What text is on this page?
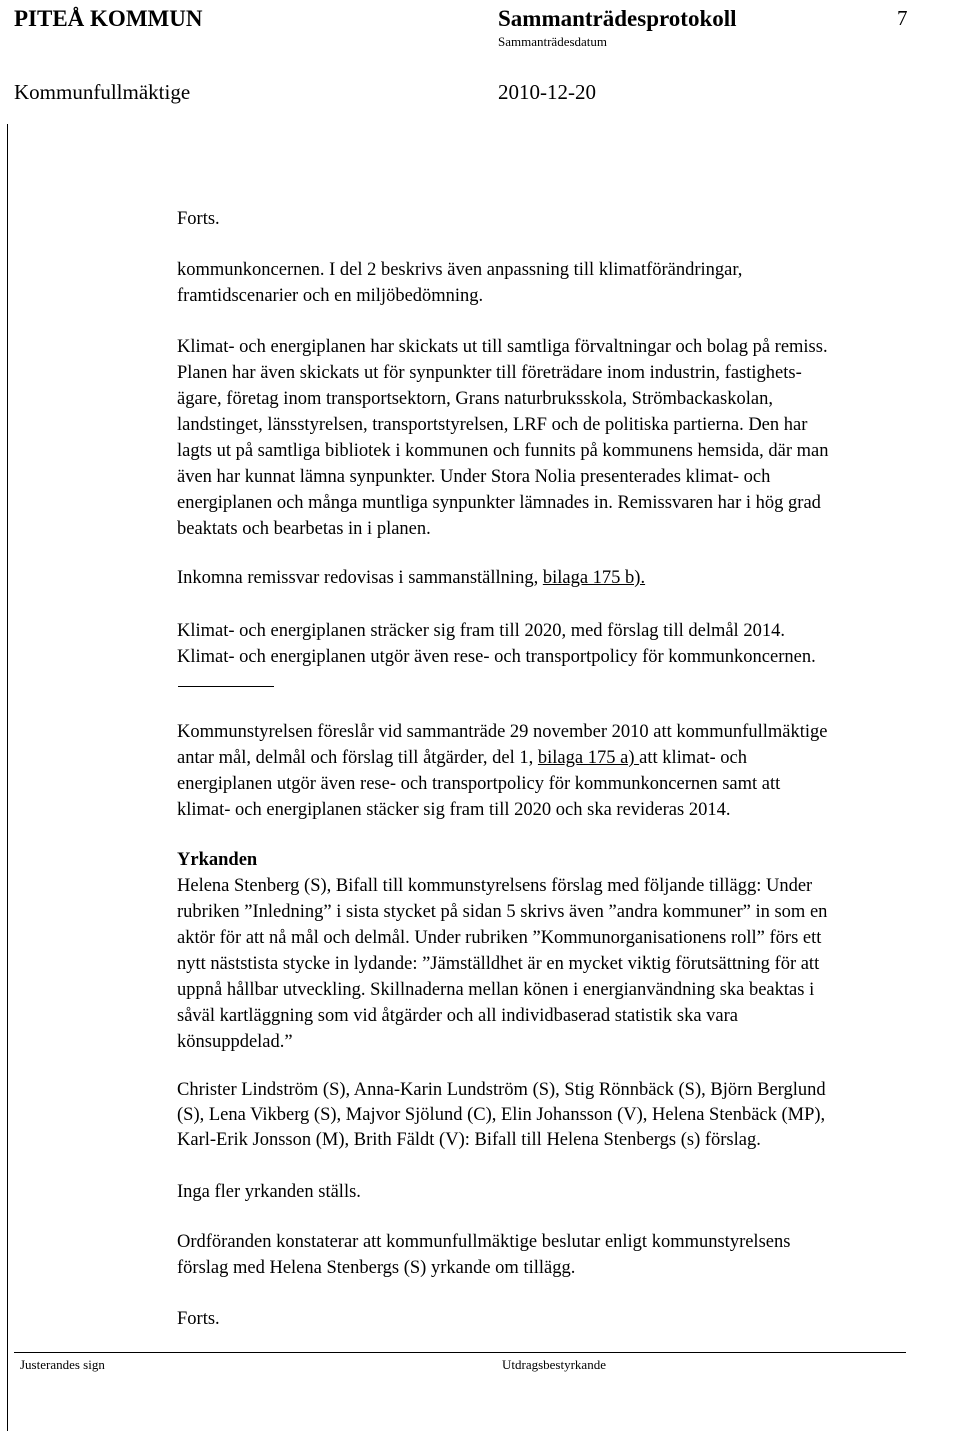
PITEÅ KOMMUN	Sammanträdesprotokoll	7
Sammanträdesdatum
Kommunfullmäktige	2010-12-20
Forts.
kommunkoncernen. I del 2 beskrivs även anpassning till klimatförändringar,
framtidscenarier och en miljöbedömning.
Klimat- och energiplanen har skickats ut till samtliga förvaltningar och bolag på remiss.
Planen har även skickats ut för synpunkter till företrädare inom industrin, fastighets-
ägare, företag inom transportsektorn, Grans naturbruksskola, Strömbackaskolan,
landstinget, länsstyrelsen, transportstyrelsen, LRF och de politiska partierna. Den har
lagts ut på samtliga bibliotek i kommunen och funnits på kommunens hemsida, där man
även har kunnat lämna synpunkter. Under Stora Nolia presenterades klimat- och
energiplanen och många muntliga synpunkter lämnades in. Remissvaren har i hög grad
beaktats och bearbetas in i planen.
Inkomna remissvar redovisas i sammanställning, bilaga 175 b).
Klimat- och energiplanen sträcker sig fram till 2020, med förslag till delmål 2014.
Klimat- och energiplanen utgör även rese- och transportpolicy för kommunkoncernen.
Kommunstyrelsen föreslår vid sammanträde 29 november 2010 att kommunfullmäktige
antar mål, delmål och förslag till åtgärder, del 1, bilaga 175 a) att klimat- och
energiplanen utgör även rese- och transportpolicy för kommunkoncernen samt att
klimat- och energiplanen stäcker sig fram till 2020 och ska revideras 2014.
Yrkanden
Helena Stenberg (S), Bifall till kommunstyrelsens förslag med följande tillägg: Under
rubriken ”Inledning” i sista stycket på sidan 5 skrivs även ”andra kommuner” in som en
aktör för att nå mål och delmål. Under rubriken ”Kommunorganisationens roll” förs ett
nytt näststista stycke in lydande: ”Jämställdhet är en mycket viktig förutsättning för att
uppnå hållbar utveckling. Skillnaderna mellan könen i energianvändning ska beaktas i
såväl kartläggning som vid åtgärder och all individbaserad statistik ska vara
könsuppdelad.”
Christer Lindström (S), Anna-Karin Lundström (S), Stig Rönnbäck (S), Björn Berglund
(S), Lena Vikberg (S), Majvor Sjölund (C), Elin Johansson (V), Helena Stenbäck (MP),
Karl-Erik Jonsson (M), Brith Fäldt (V): Bifall till Helena Stenbergs (s) förslag.
Inga fler yrkanden ställs.
Ordföranden konstaterar att kommunfullmäktige beslutar enligt kommunstyrelsens
förslag med Helena Stenbergs (S) yrkande om tillägg.
Forts.
Justerandes sign	Utdragsbestyrkande
